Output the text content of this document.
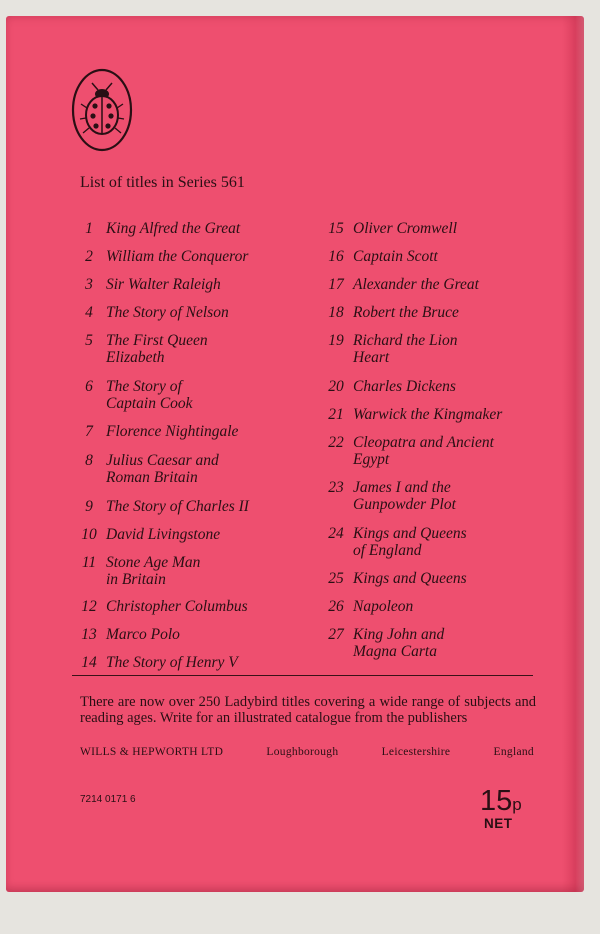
List of titles in Series 561
1 King Alfred the Great
2 William the Conqueror
3 Sir Walter Raleigh
4 The Story of Nelson
5 The First Queen
Elizabeth
6 The Story of
Captain Cook
7 Florence Nightingale
8 Julius Caesar and
Roman Britain
9 The Story of Charles II
10 David Livingstone
11 Stone Age Man
in Britain
12 Christopher Columbus
13 Marco Polo
14 The Story of Henry V
15 Oliver Cromwell
16 Captain Scott
17 Alexander the Great
18 Robert the Bruce
19 Richard the Lion
Heart
20 Charles Dickens
21 Warwick the Kingmaker
22 Cleopatra and Ancient
Egypt
23 James I and the
Gunpowder Plot
24 Kings and Queens
of England
25 Kings and Queens
26 Napoleon
27 King John and
Magna Carta
There are now over 250 Ladybird titles covering a wide range of subjects and reading ages. Write for an illustrated catalogue from the publishers
WILLS & HEPWORTH LTD	Loughborough	Leicestershire	England
7214 0171 6	15p
NET
